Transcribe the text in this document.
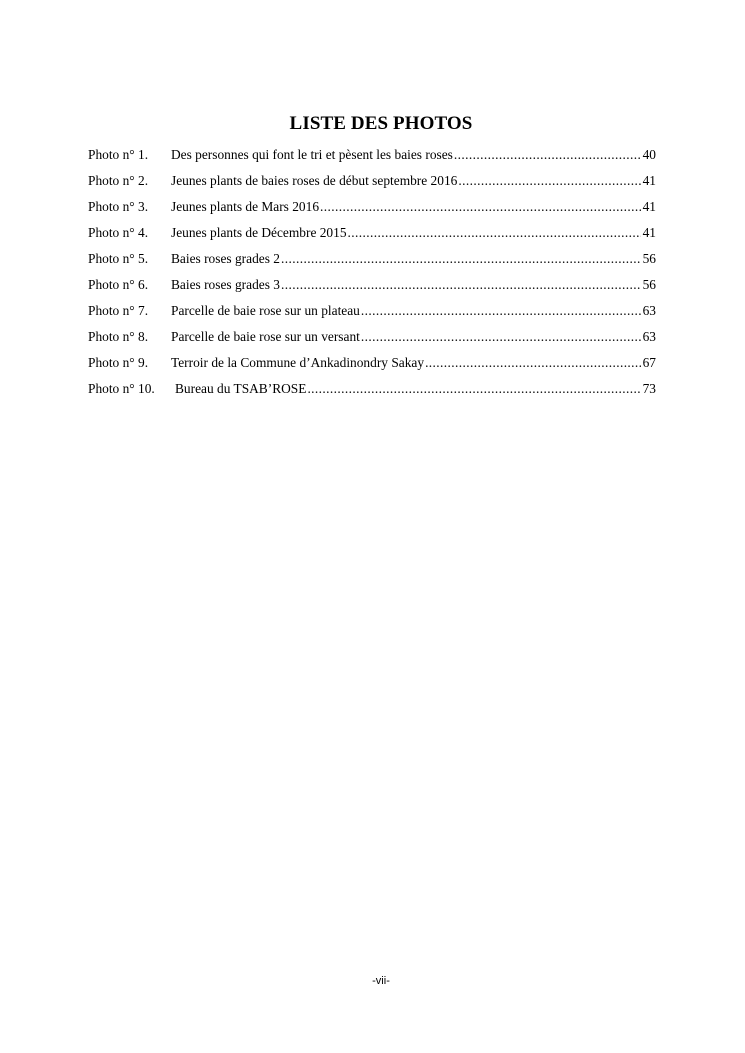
LISTE DES PHOTOS
Photo n° 1.	Des personnes qui font le tri et pèsent les baies roses .....	40
Photo n° 2.	Jeunes plants de baies roses de début septembre 2016 .....	41
Photo n° 3.	Jeunes plants de Mars 2016 .....	41
Photo n° 4.	Jeunes plants de Décembre 2015 .....	41
Photo n° 5.	Baies roses grades 2 .....	56
Photo n° 6.	Baies roses grades 3 .....	56
Photo n° 7.	Parcelle de baie rose sur un plateau .....	63
Photo n° 8.	Parcelle de baie rose sur un versant .....	63
Photo n° 9.	Terroir de la Commune d’Ankadinondry Sakay .....	67
Photo n° 10.	Bureau du TSAB’ROSE .....	73
-vii-
